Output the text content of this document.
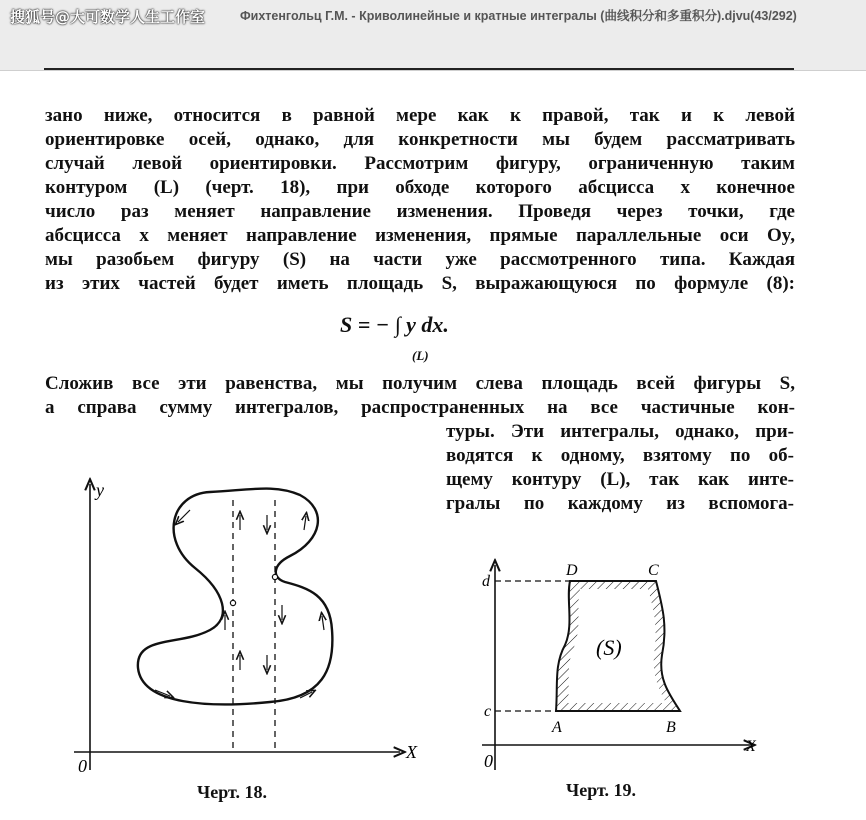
Фихтенгольц Г.М. - Криволинейные и кратные интегралы (曲线积分和多重积分).djvu(43/292)
搜狐号@大可数学人生工作室
зано ниже, относится в равной мере как к правой, так и к левой
ориентировке осей, однако, для конкретности мы будем рассматривать
случай левой ориентировки. Рассмотрим фигуру, ограниченную таким
контуром (L) (черт. 18), при обходе которого абсцисса x конечное
число раз меняет направление изменения. Проведя через точки, где
абсцисса x меняет направление изменения, прямые параллельные оси Oy,
мы разобьем фигуру (S) на части уже рассмотренного типа. Каждая
из этих частей будет иметь площадь S, выражающуюся по формуле (8):
S = − ∫ y dx.
(L)
Сложив все эти равенства, мы получим слева площадь всей фигуры S,
а справа сумму интегралов, распространенных на все частичные кон-
туры. Эти интегралы, однако, при-
водятся к одному, взятому по об-
щему контуру (L), так как инте-
гралы по каждому из вспомога-
y
X
0
Черт. 18.
X
0
d
c
D	C
A	B
(S)
Черт. 19.
